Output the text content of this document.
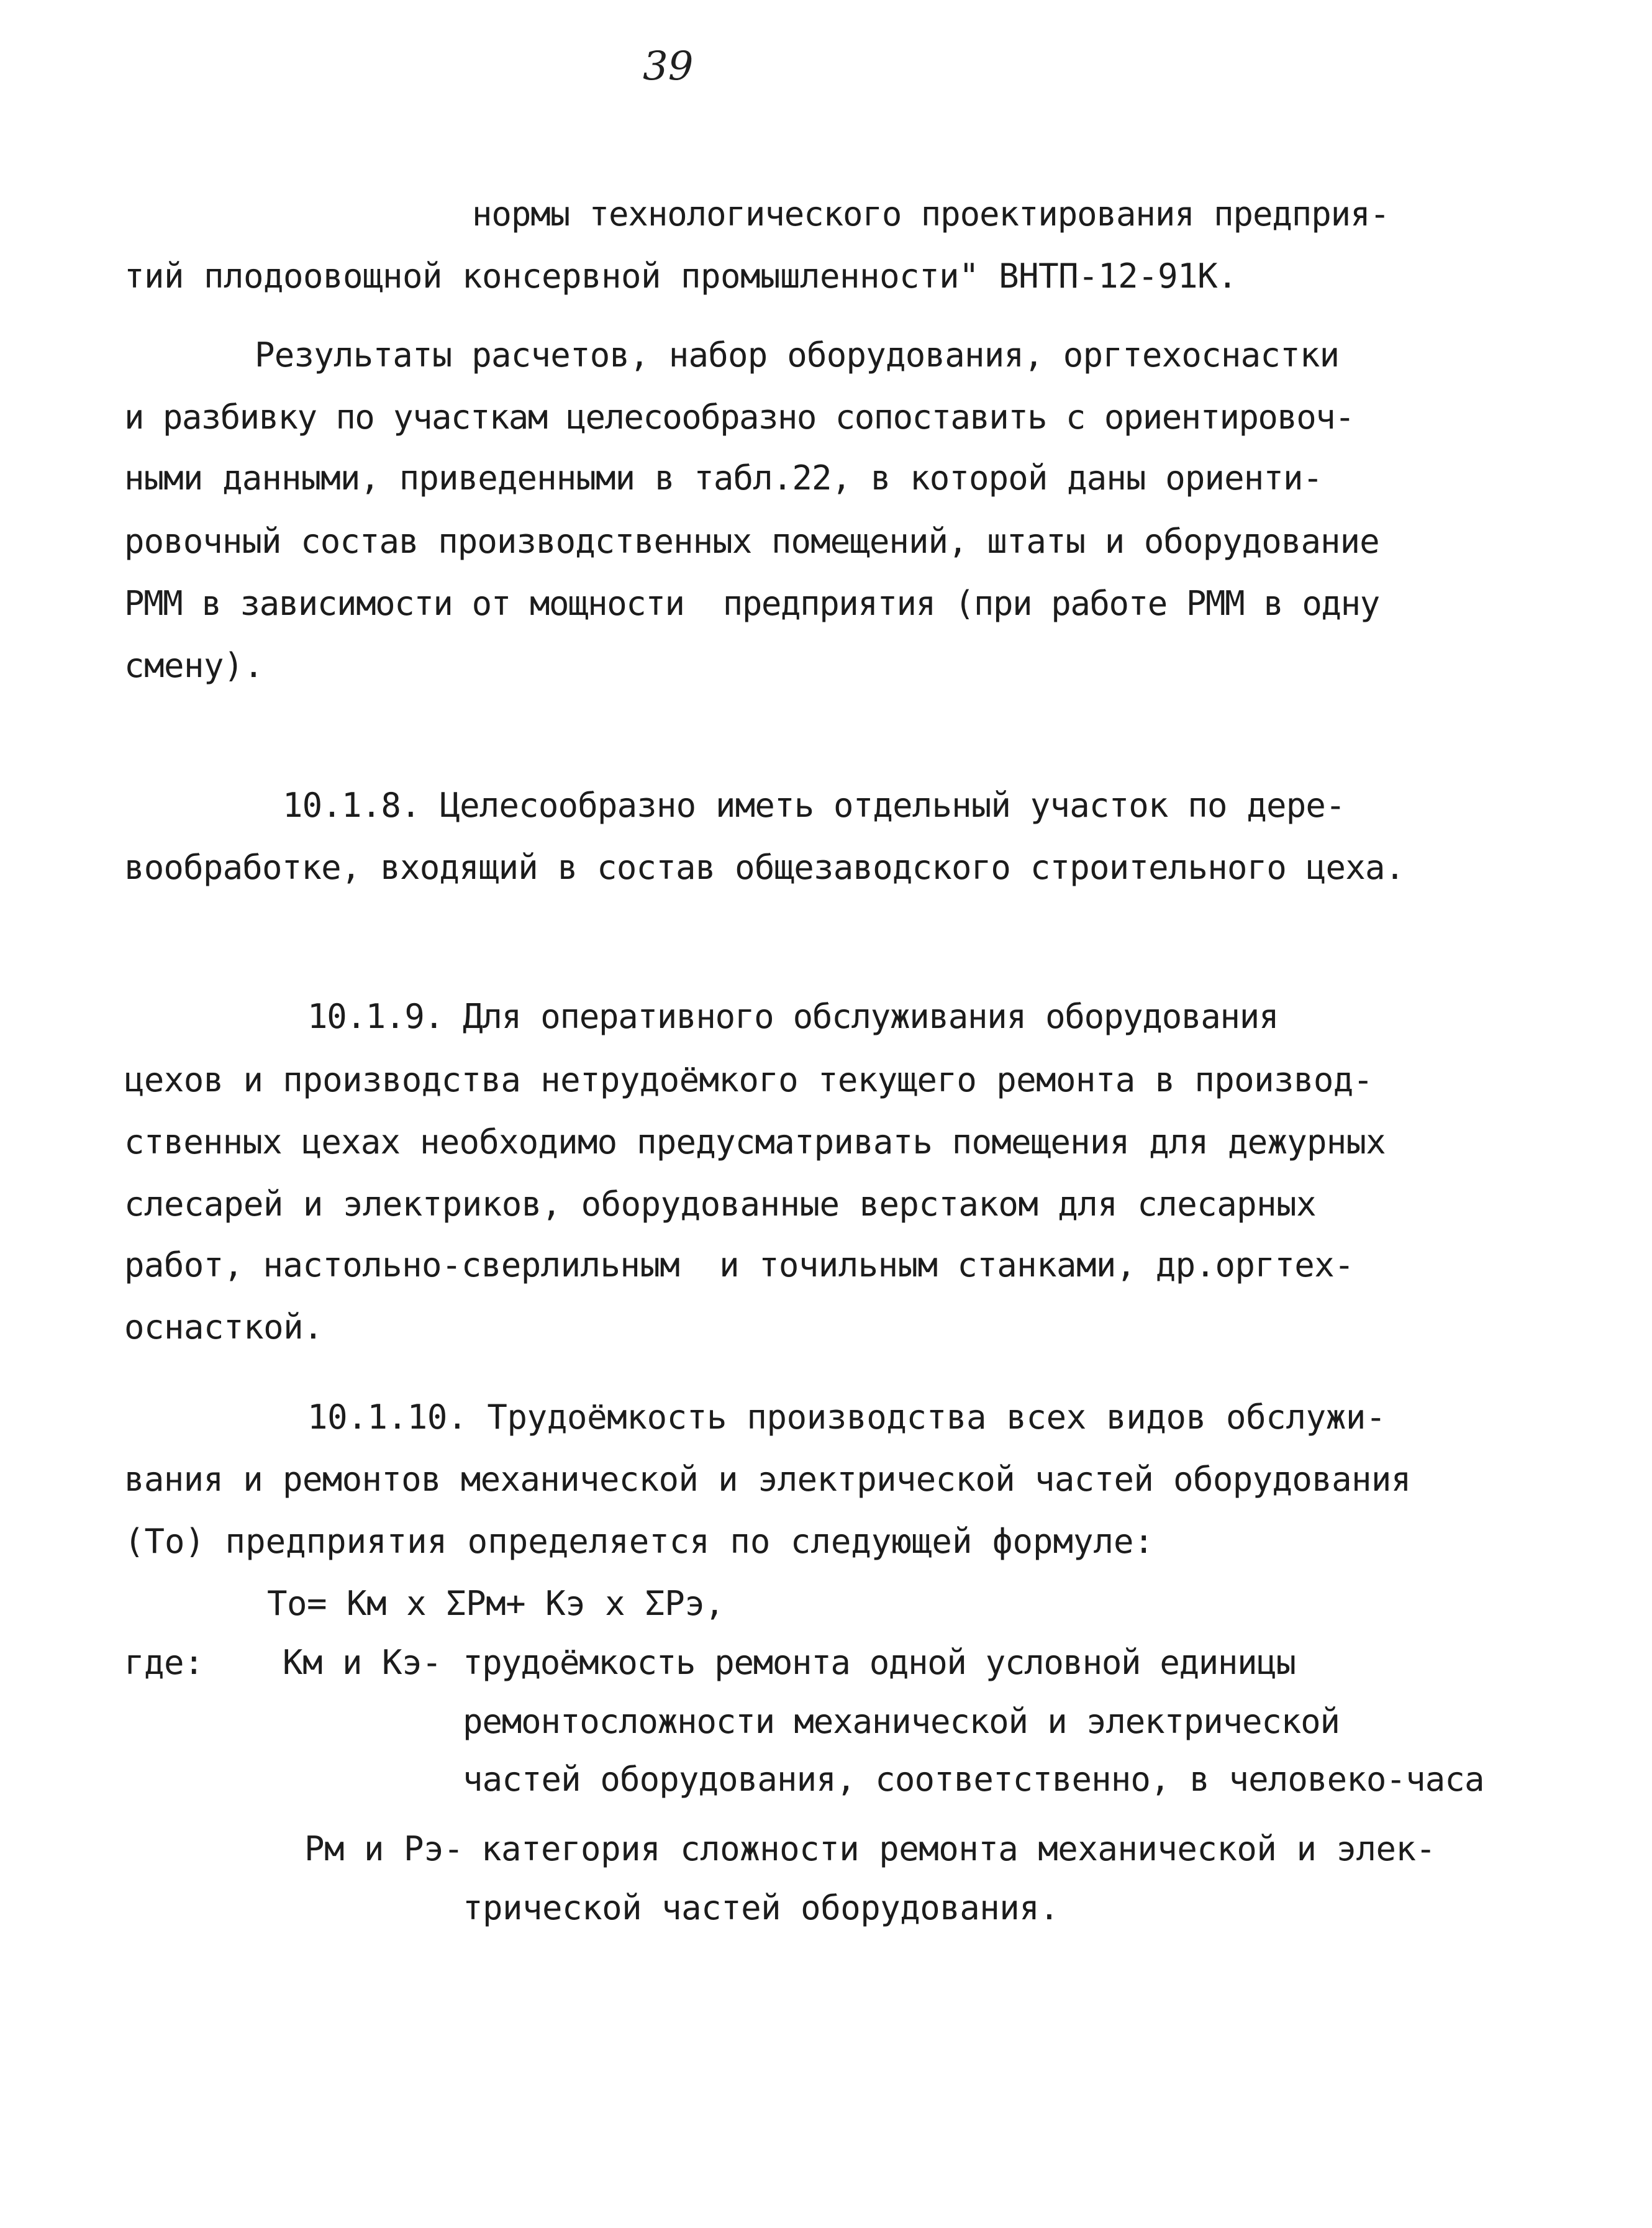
39
нормы технологического проектирования предприя-
тий плодоовощной консервной промышленности" ВНТП-12-91К.
Результаты расчетов, набор оборудования, оргтехоснастки
и разбивку по участкам целесообразно сопоставить с ориентировоч-
ными данными, приведенными в табл.22, в которой даны ориенти-
ровочный состав производственных помещений, штаты и оборудование
РММ в зависимости от мощности  предприятия (при работе РММ в одну
смену).
10.1.8. Целесообразно иметь отдельный участок по дере-
вообработке, входящий в состав общезаводского строительного цеха.
10.1.9. Для оперативного обслуживания оборудования
цехов и производства нетрудоёмкого текущего ремонта в производ-
ственных цехах необходимо предусматривать помещения для дежурных
слесарей и электриков, оборудованные верстаком для слесарных
работ, настольно-сверлильным  и точильным станками, др.оргтех-
оснасткой.
10.1.10. Трудоёмкость производства всех видов обслужи-
вания и ремонтов механической и электрической частей оборудования
(То) предприятия определяется по следующей формуле:
То= Км х ΣРм+ Кэ х ΣРэ,
где: Км и Кэ- трудоёмкость ремонта одной условной единицы
ремонтосложности механической и электрической
частей оборудования, соответственно, в человеко-часа
Рм и Рэ- категория сложности ремонта механической и элек-
трической частей оборудования.
